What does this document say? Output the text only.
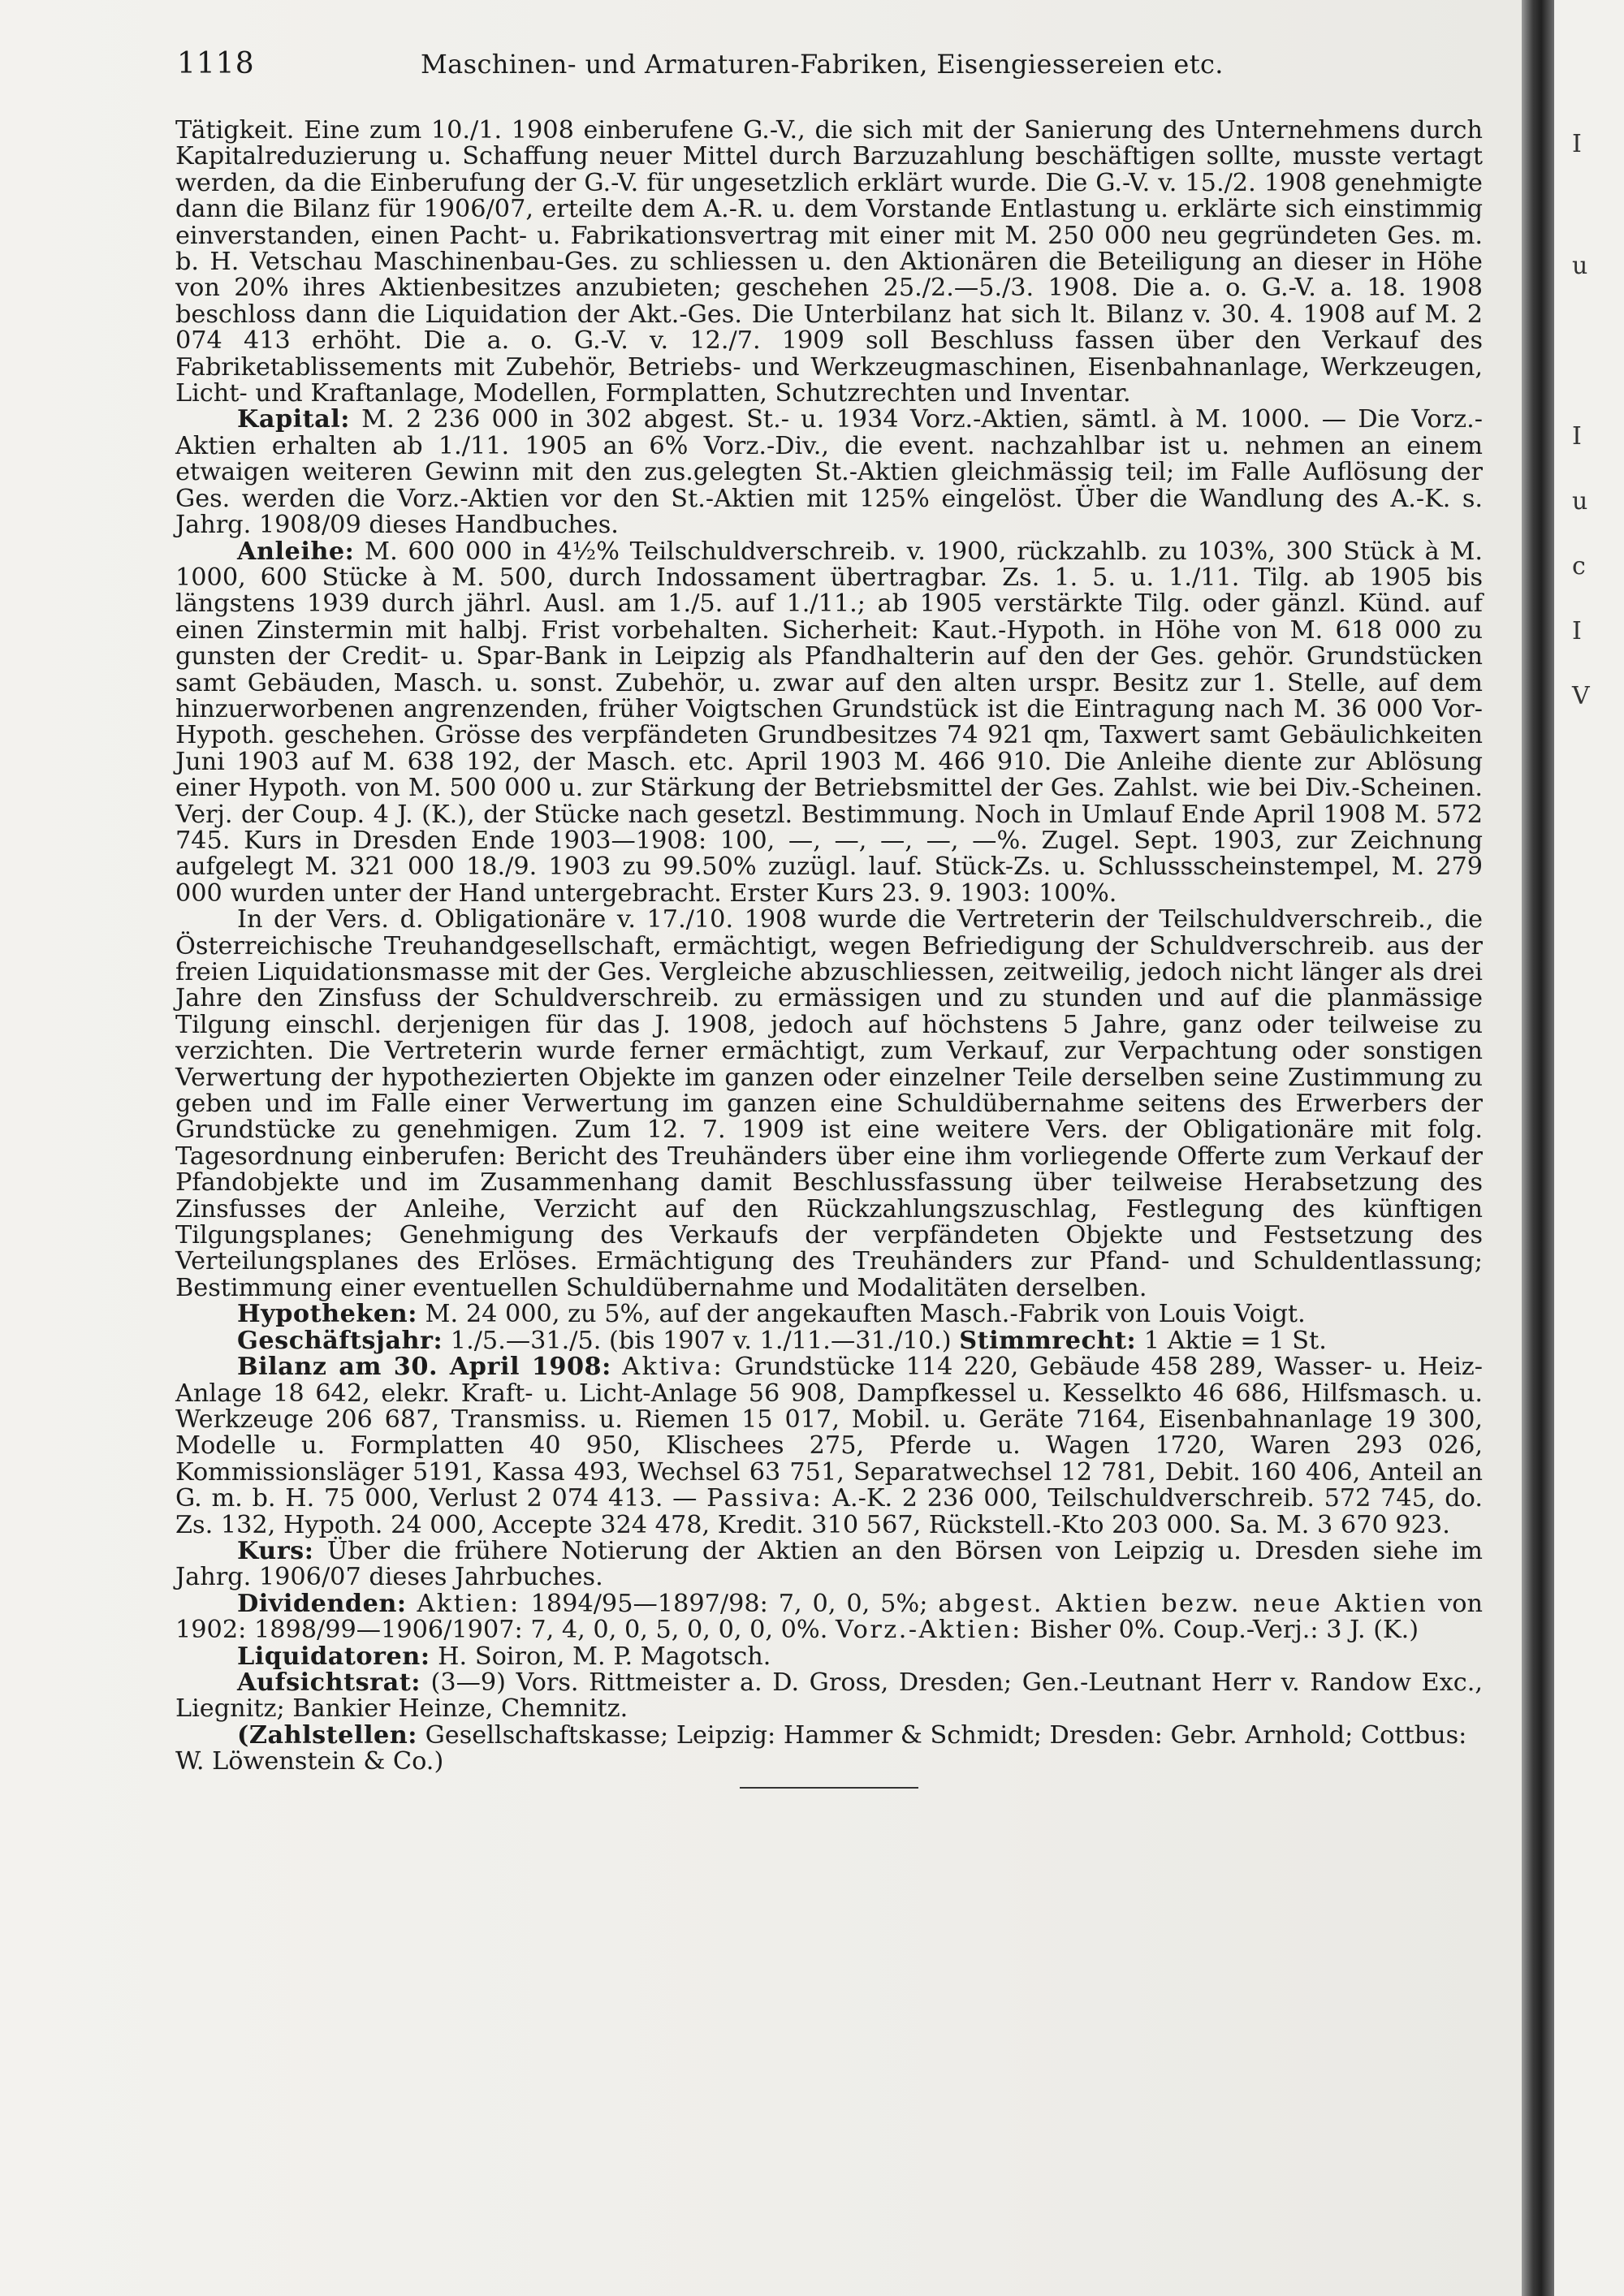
1118	Maschinen- und Armaturen-Fabriken, Eisengiessereien etc.

Tätigkeit. Eine zum 10./1. 1908 einberufene G.-V., die sich mit der Sanierung des Unternehmens durch Kapitalreduzierung u. Schaffung neuer Mittel durch Barzuzahlung beschäftigen sollte, musste vertagt werden, da die Einberufung der G.-V. für ungesetzlich erklärt wurde. Die G.-V. v. 15./2. 1908 genehmigte dann die Bilanz für 1906/07, erteilte dem A.-R. u. dem Vorstande Entlastung u. erklärte sich einstimmig einverstanden, einen Pacht- u. Fabrikationsvertrag mit einer mit M. 250 000 neu gegründeten Ges. m. b. H. Vetschau Maschinenbau-Ges. zu schliessen u. den Aktionären die Beteiligung an dieser in Höhe von 20% ihres Aktienbesitzes anzubieten; geschehen 25./2.—5./3. 1908. Die a. o. G.-V. a. 18. 1908 beschloss dann die Liquidation der Akt.-Ges. Die Unterbilanz hat sich lt. Bilanz v. 30. 4. 1908 auf M. 2 074 413 erhöht. Die a. o. G.-V. v. 12./7. 1909 soll Beschluss fassen über den Verkauf des Fabriketablissements mit Zubehör, Betriebs- und Werkzeugmaschinen, Eisenbahnanlage, Werkzeugen, Licht- und Kraftanlage, Modellen, Formplatten, Schutzrechten und Inventar.

Kapital: M. 2 236 000 in 302 abgest. St.- u. 1934 Vorz.-Aktien, sämtl. à M. 1000. — Die Vorz.-Aktien erhalten ab 1./11. 1905 an 6% Vorz.-Div., die event. nachzahlbar ist u. nehmen an einem etwaigen weiteren Gewinn mit den zus.gelegten St.-Aktien gleichmässig teil; im Falle Auflösung der Ges. werden die Vorz.-Aktien vor den St.-Aktien mit 125% eingelöst. Über die Wandlung des A.-K. s. Jahrg. 1908/09 dieses Handbuches.

Anleihe: M. 600 000 in 4½% Teilschuldverschreib. v. 1900, rückzahlb. zu 103%, 300 Stück à M. 1000, 600 Stücke à M. 500, durch Indossament übertragbar. Zs. 1. 5. u. 1./11. Tilg. ab 1905 bis längstens 1939 durch jährl. Ausl. am 1./5. auf 1./11.; ab 1905 verstärkte Tilg. oder gänzl. Künd. auf einen Zinstermin mit halbj. Frist vorbehalten. Sicherheit: Kaut.-Hypoth. in Höhe von M. 618 000 zu gunsten der Credit- u. Spar-Bank in Leipzig als Pfandhalterin auf den der Ges. gehör. Grundstücken samt Gebäuden, Masch. u. sonst. Zubehör, u. zwar auf den alten urspr. Besitz zur 1. Stelle, auf dem hinzuerworbenen angrenzenden, früher Voigtschen Grundstück ist die Eintragung nach M. 36 000 Vor-Hypoth. geschehen. Grösse des verpfändeten Grundbesitzes 74 921 qm, Taxwert samt Gebäulichkeiten Juni 1903 auf M. 638 192, der Masch. etc. April 1903 M. 466 910. Die Anleihe diente zur Ablösung einer Hypoth. von M. 500 000 u. zur Stärkung der Betriebsmittel der Ges. Zahlst. wie bei Div.-Scheinen. Verj. der Coup. 4 J. (K.), der Stücke nach gesetzl. Bestimmung. Noch in Umlauf Ende April 1908 M. 572 745. Kurs in Dresden Ende 1903—1908: 100, —, —, —, —, —%. Zugel. Sept. 1903, zur Zeichnung aufgelegt M. 321 000 18./9. 1903 zu 99.50% zuzügl. lauf. Stück-Zs. u. Schlussscheinstempel, M. 279 000 wurden unter der Hand untergebracht. Erster Kurs 23. 9. 1903: 100%.

In der Vers. d. Obligationäre v. 17./10. 1908 wurde die Vertreterin der Teilschuldverschreib., die Österreichische Treuhandgesellschaft, ermächtigt, wegen Befriedigung der Schuldverschreib. aus der freien Liquidationsmasse mit der Ges. Vergleiche abzuschliessen, zeitweilig, jedoch nicht länger als drei Jahre den Zinsfuss der Schuldverschreib. zu ermässigen und zu stunden und auf die planmässige Tilgung einschl. derjenigen für das J. 1908, jedoch auf höchstens 5 Jahre, ganz oder teilweise zu verzichten. Die Vertreterin wurde ferner ermächtigt, zum Verkauf, zur Verpachtung oder sonstigen Verwertung der hypothezierten Objekte im ganzen oder einzelner Teile derselben seine Zustimmung zu geben und im Falle einer Verwertung im ganzen eine Schuldübernahme seitens des Erwerbers der Grundstücke zu genehmigen. Zum 12. 7. 1909 ist eine weitere Vers. der Obligationäre mit folg. Tagesordnung einberufen: Bericht des Treuhänders über eine ihm vorliegende Offerte zum Verkauf der Pfandobjekte und im Zusammenhang damit Beschlussfassung über teilweise Herabsetzung des Zinsfusses der Anleihe, Verzicht auf den Rückzahlungszuschlag, Festlegung des künftigen Tilgungsplanes; Genehmigung des Verkaufs der verpfändeten Objekte und Festsetzung des Verteilungsplanes des Erlöses. Ermächtigung des Treuhänders zur Pfand- und Schuldentlassung; Bestimmung einer eventuellen Schuldübernahme und Modalitäten derselben.

Hypotheken: M. 24 000, zu 5%, auf der angekauften Masch.-Fabrik von Louis Voigt.

Geschäftsjahr: 1./5.—31./5. (bis 1907 v. 1./11.—31./10.) Stimmrecht: 1 Aktie = 1 St.

Bilanz am 30. April 1908: Aktiva: Grundstücke 114 220, Gebäude 458 289, Wasser- u. Heiz-Anlage 18 642, elekr. Kraft- u. Licht-Anlage 56 908, Dampfkessel u. Kesselkto 46 686, Hilfsmasch. u. Werkzeuge 206 687, Transmiss. u. Riemen 15 017, Mobil. u. Geräte 7164, Eisenbahnanlage 19 300, Modelle u. Formplatten 40 950, Klischees 275, Pferde u. Wagen 1720, Waren 293 026, Kommissionsläger 5191, Kassa 493, Wechsel 63 751, Separatwechsel 12 781, Debit. 160 406, Anteil an G. m. b. H. 75 000, Verlust 2 074 413. — Passiva: A.-K. 2 236 000, Teilschuldverschreib. 572 745, do. Zs. 132, Hypoth. 24 000, Accepte 324 478, Kredit. 310 567, Rückstell.-Kto 203 000. Sa. M. 3 670 923.

Kurs: Über die frühere Notierung der Aktien an den Börsen von Leipzig u. Dresden siehe im Jahrg. 1906/07 dieses Jahrbuches.

Dividenden: Aktien: 1894/95—1897/98: 7, 0, 0, 5%; abgest. Aktien bezw. neue Aktien von 1902: 1898/99—1906/1907: 7, 4, 0, 0, 5, 0, 0, 0, 0%. Vorz.-Aktien: Bisher 0%. Coup.-Verj.: 3 J. (K.)

Liquidatoren: H. Soiron, M. P. Magotsch.

Aufsichtsrat: (3—9) Vors. Rittmeister a. D. Gross, Dresden; Gen.-Leutnant Herr v. Randow Exc., Liegnitz; Bankier Heinze, Chemnitz.

(Zahlstellen: Gesellschaftskasse; Leipzig: Hammer & Schmidt; Dresden: Gebr. Arnhold; Cottbus: W. Löwenstein & Co.)

I
u
I
u
c
I
V
